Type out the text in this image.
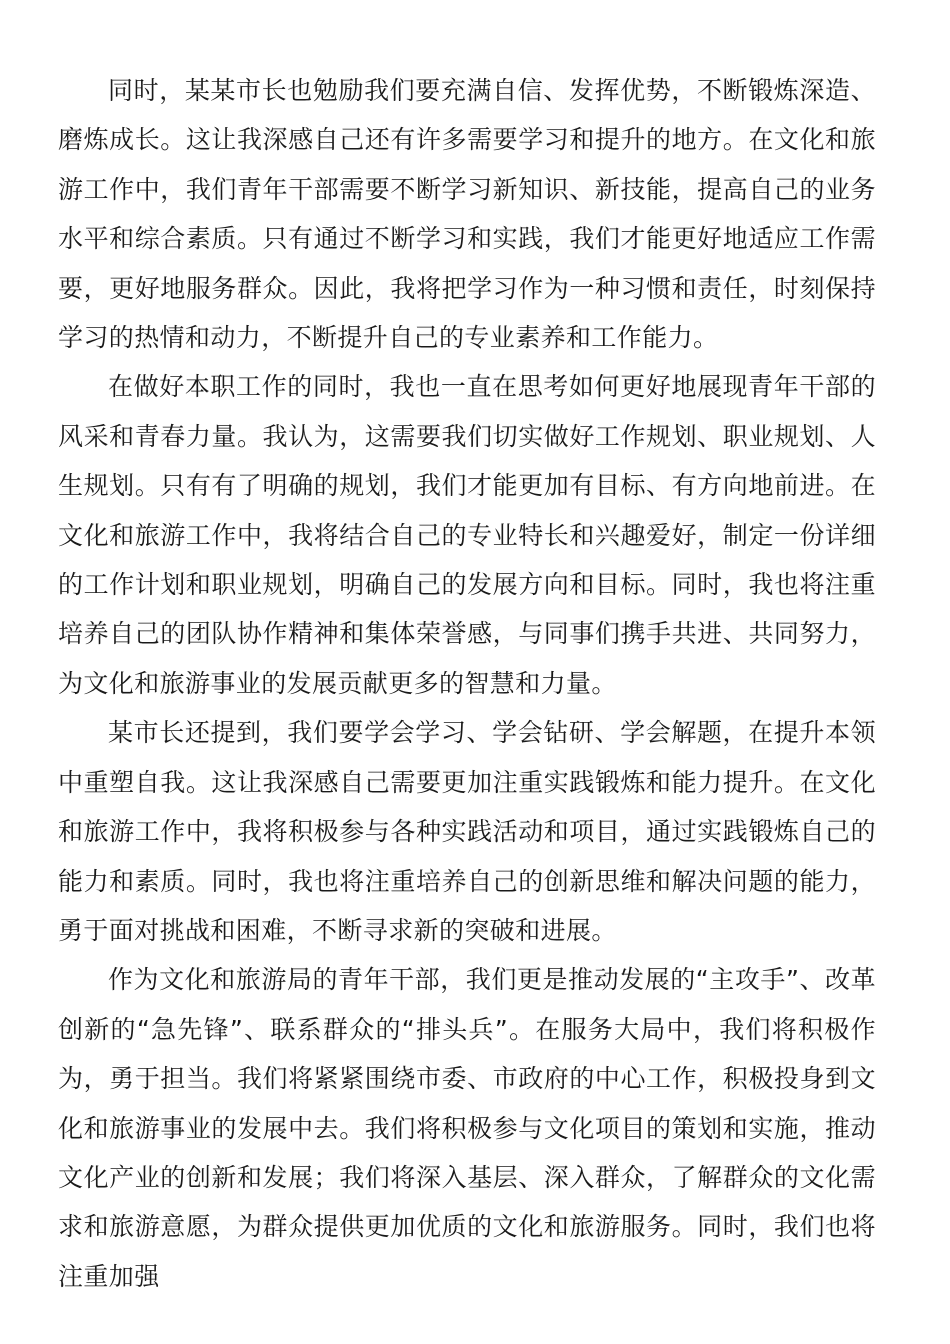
同时，某某市长也勉励我们要充满自信、发挥优势，不断锻炼深造、磨炼成长。这让我深感自己还有许多需要学习和提升的地方。在文化和旅游工作中，我们青年干部需要不断学习新知识、新技能，提高自己的业务水平和综合素质。只有通过不断学习和实践，我们才能更好地适应工作需要，更好地服务群众。因此，我将把学习作为一种习惯和责任，时刻保持学习的热情和动力，不断提升自己的专业素养和工作能力。

在做好本职工作的同时，我也一直在思考如何更好地展现青年干部的风采和青春力量。我认为，这需要我们切实做好工作规划、职业规划、人生规划。只有有了明确的规划，我们才能更加有目标、有方向地前进。在文化和旅游工作中，我将结合自己的专业特长和兴趣爱好，制定一份详细的工作计划和职业规划，明确自己的发展方向和目标。同时，我也将注重培养自己的团队协作精神和集体荣誉感，与同事们携手共进、共同努力，为文化和旅游事业的发展贡献更多的智慧和力量。

某市长还提到，我们要学会学习、学会钻研、学会解题，在提升本领中重塑自我。这让我深感自己需要更加注重实践锻炼和能力提升。在文化和旅游工作中，我将积极参与各种实践活动和项目，通过实践锻炼自己的能力和素质。同时，我也将注重培养自己的创新思维和解决问题的能力，勇于面对挑战和困难，不断寻求新的突破和进展。

作为文化和旅游局的青年干部，我们更是推动发展的“主攻手”、改革创新的“急先锋”、联系群众的“排头兵”。在服务大局中，我们将积极作为，勇于担当。我们将紧紧围绕市委、市政府的中心工作，积极投身到文化和旅游事业的发展中去。我们将积极参与文化项目的策划和实施，推动文化产业的创新和发展；我们将深入基层、深入群众，了解群众的文化需求和旅游意愿，为群众提供更加优质的文化和旅游服务。同时，我们也将注重加强
